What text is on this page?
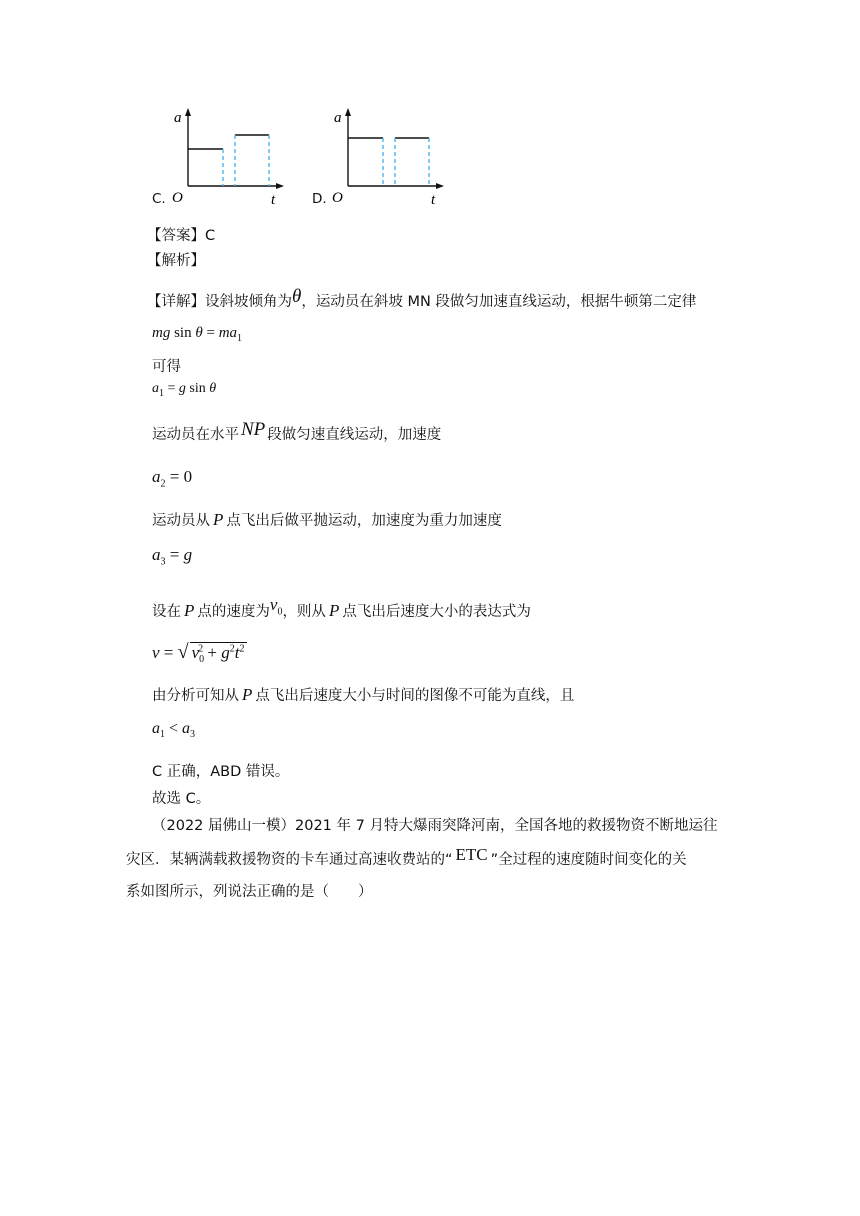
a
O	t
C.
a
O	t
D.
【答案】C
【解析】
【详解】设斜坡倾角为θ，运动员在斜坡 MN 段做匀加速直线运动，根据牛顿第二定律
mg $\sin \theta = ma_1$
可得
$a_1 = g$ sin θ
运动员在水平 NP 段做匀速直线运动，加速度
$a_2 = 0$
运动员从 P 点飞出后做平抛运动，加速度为重力加速度
$a_3 = g$
设在 P 点的速度为$v_0$，则从 P 点飞出后速度大小的表达式为
v = √ $v_0^2 + g^2t^2$
由分析可知从 P 点飞出后速度大小与时间的图像不可能为直线，且
$a_1 < a_3$
C 正确，ABD 错误。
故选 C。
（2022 届佛山一模）2021 年 7 月特大爆雨突降河南，全国各地的救援物资不断地运往
灾区．某辆满载救援物资的卡车通过高速收费站的“ ETC ”全过程的速度随时间变化的关
系如图所示，列说法正确的是（　　）
